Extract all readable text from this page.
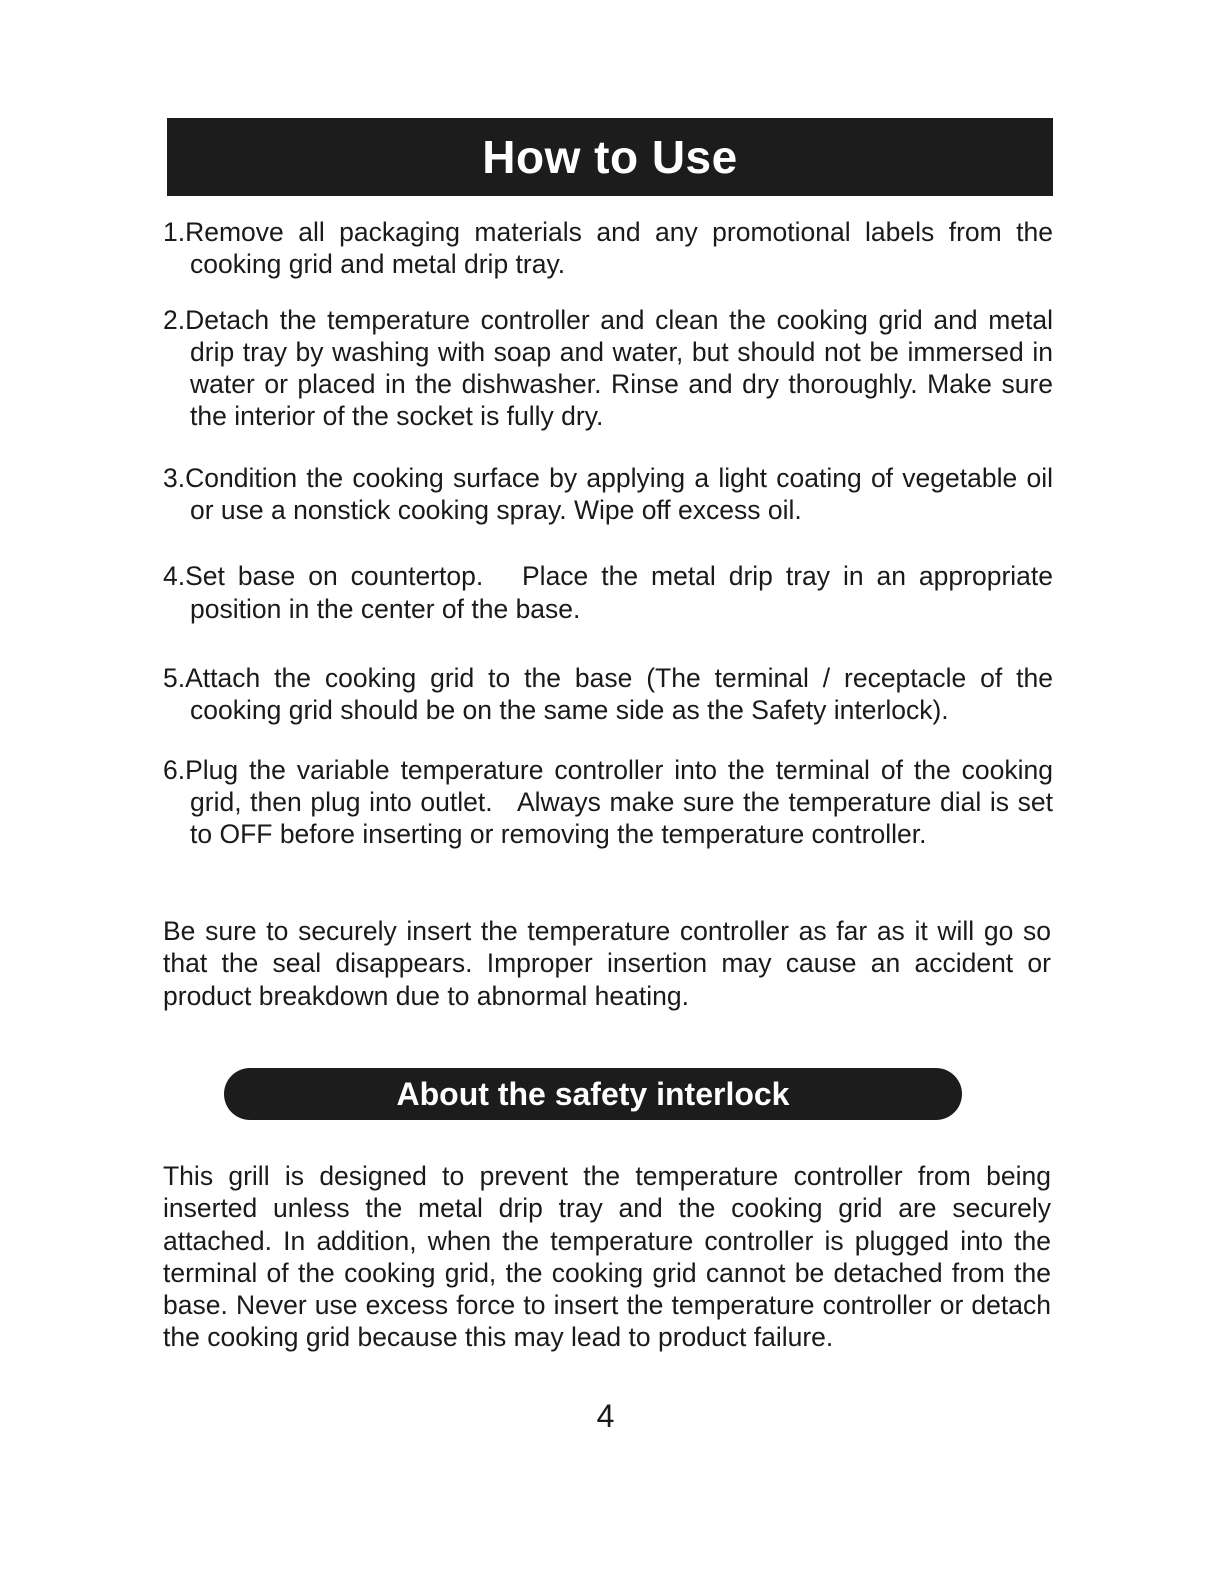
How to Use
1.Remove all packaging materials and any promotional labels from the cooking grid and metal drip tray.
2.Detach the temperature controller and clean the cooking grid and metal drip tray by washing with soap and water, but should not be immersed in water or placed in the dishwasher. Rinse and dry thoroughly. Make sure the interior of the socket is fully dry.
3.Condition the cooking surface by applying a light coating of vegetable oil or use a nonstick cooking spray. Wipe off excess oil.
4.Set base on countertop.   Place the metal drip tray in an appropriate position in the center of the base.
5.Attach the cooking grid to the base (The terminal / receptacle of the cooking grid should be on the same side as the Safety interlock).
6.Plug the variable temperature controller into the terminal of the cooking grid, then plug into outlet.   Always make sure the temperature dial is set to OFF before inserting or removing the temperature controller.

Be sure to securely insert the temperature controller as far as it will go so that the seal disappears. Improper insertion may cause an accident or product breakdown due to abnormal heating.

About the safety interlock

This grill is designed to prevent the temperature controller from being inserted unless the metal drip tray and the cooking grid are securely attached. In addition, when the temperature controller is plugged into the terminal of the cooking grid, the cooking grid cannot be detached from the base. Never use excess force to insert the temperature controller or detach the cooking grid because this may lead to product failure.

4
